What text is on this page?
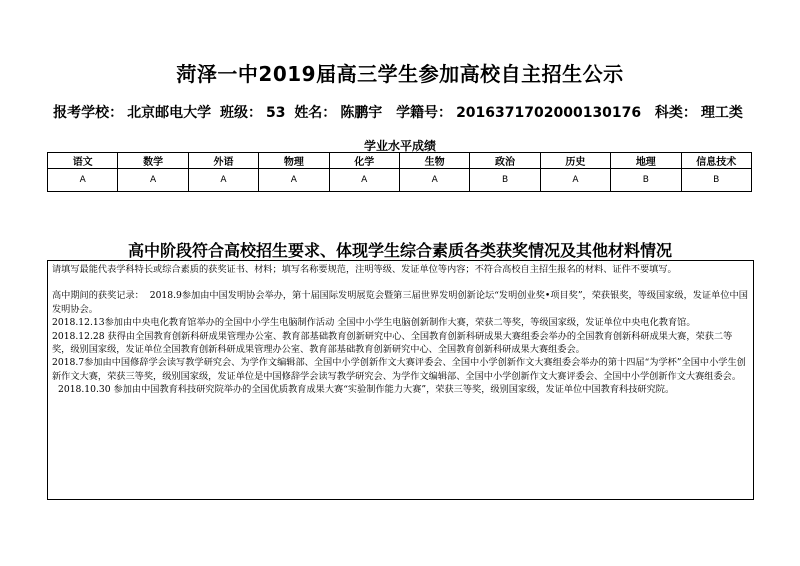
菏泽一中2019届高三学生参加高校自主招生公示
报考学校： 北京邮电大学 班级： 53 姓名： 陈鹏宇 学籍号： 2016371702000130176 科类： 理工类
学业水平成绩
语文	数学	外语	物理	化学	生物	政治	历史	地理	信息技术
A	A	A	A	A	A	B	A	B	B
高中阶段符合高校招生要求、体现学生综合素质各类获奖情况及其他材料情况

请填写最能代表学科特长或综合素质的获奖证书、材料；填写名称要规范，注明等级、发证单位等内容；不符合高校自主招生报名的材料、证件不要填写。

高中期间的获奖记录： 2018.9参加由中国发明协会举办，第十届国际发明展览会暨第三届世界发明创新论坛“发明创业奖•项目奖”，荣获银奖，等级国家级，发证单位中国发明协会。

2018.12.13参加由中央电化教育馆举办的全国中小学生电脑制作活动 全国中小学生电脑创新制作大赛，荣获二等奖，等级国家级，发证单位中央电化教育馆。

2018.12.28 获得由全国教育创新科研成果管理办公室、教育部基础教育创新研究中心、全国教育创新科研成果大赛组委会举办的全国教育创新科研成果大赛，荣获二等奖，级别国家级，发证单位全国教育创新科研成果管理办公室、教育部基础教育创新研究中心、全国教育创新科研成果大赛组委会。

2018.7参加由中国修辞学会读写教学研究会、为学作文编辑部、全国中小学创新作文大赛评委会、全国中小学创新作文大赛组委会举办的第十四届“为学杯”全国中小学生创新作文大赛，荣获三等奖，级别国家级，发证单位是中国修辞学会读写教学研究会、为学作文编辑部、全国中小学创新作文大赛评委会、全国中小学创新作文大赛组委会。

2018.10.30 参加由中国教育科技研究院举办的全国优质教育成果大赛“实验制作能力大赛”，荣获三等奖，级别国家级，发证单位中国教育科技研究院。
